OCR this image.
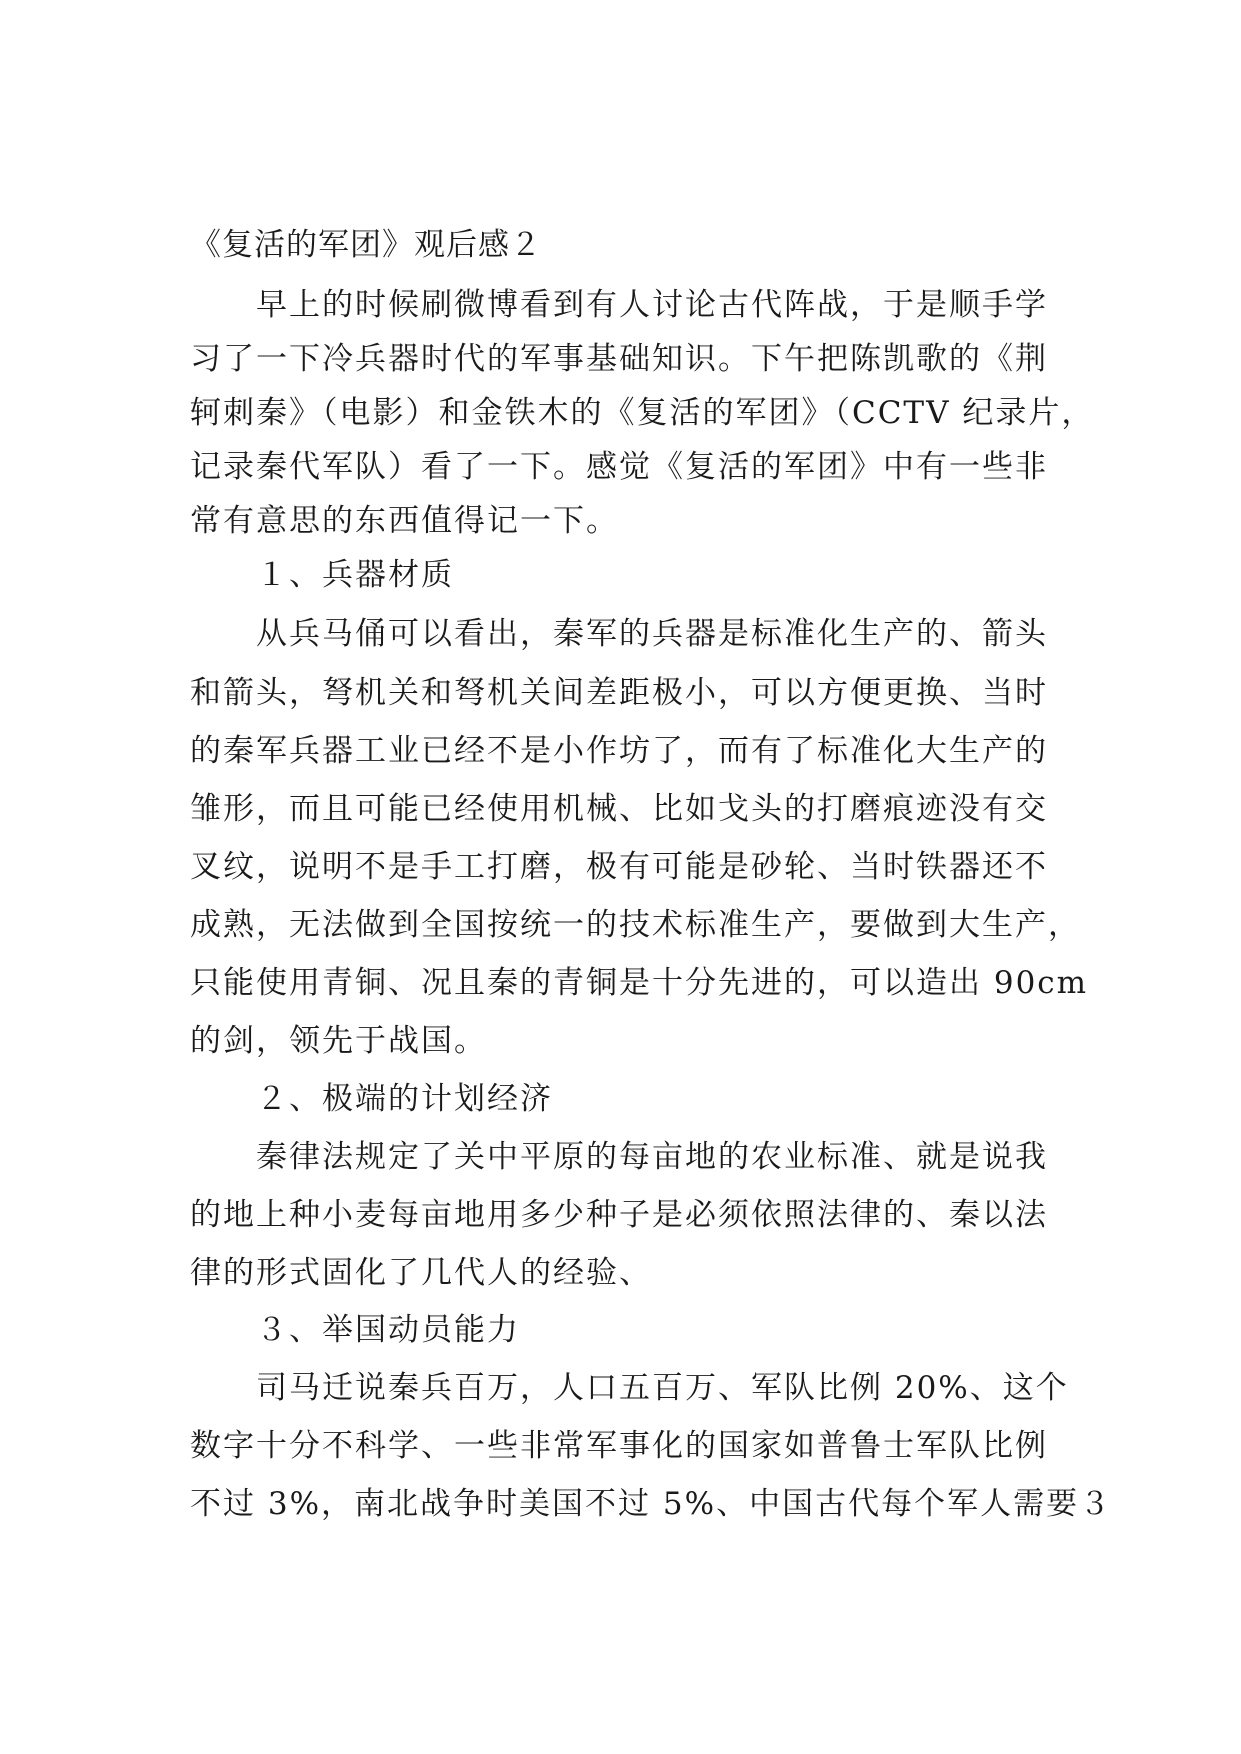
《复活的军团》观后感２
　　早上的时候刷微博看到有人讨论古代阵战，于是顺手学
习了一下冷兵器时代的军事基础知识。下午把陈凯歌的《荆
轲刺秦》（电影）和金铁木的《复活的军团》（CCTV 纪录片，
记录秦代军队）看了一下。感觉《复活的军团》中有一些非
常有意思的东西值得记一下。
　　１、兵器材质
　　从兵马俑可以看出，秦军的兵器是标准化生产的、箭头
和箭头，弩机关和弩机关间差距极小，可以方便更换、当时
的秦军兵器工业已经不是小作坊了，而有了标准化大生产的
雏形，而且可能已经使用机械、比如戈头的打磨痕迹没有交
叉纹，说明不是手工打磨，极有可能是砂轮、当时铁器还不
成熟，无法做到全国按统一的技术标准生产，要做到大生产，
只能使用青铜、况且秦的青铜是十分先进的，可以造出 90cm
的剑，领先于战国。
　　２、极端的计划经济
　　秦律法规定了关中平原的每亩地的农业标准、就是说我
的地上种小麦每亩地用多少种子是必须依照法律的、秦以法
律的形式固化了几代人的经验、
　　３、举国动员能力
　　司马迁说秦兵百万，人口五百万、军队比例 20%、这个
数字十分不科学、一些非常军事化的国家如普鲁士军队比例
不过 3%，南北战争时美国不过 5%、中国古代每个军人需要３
